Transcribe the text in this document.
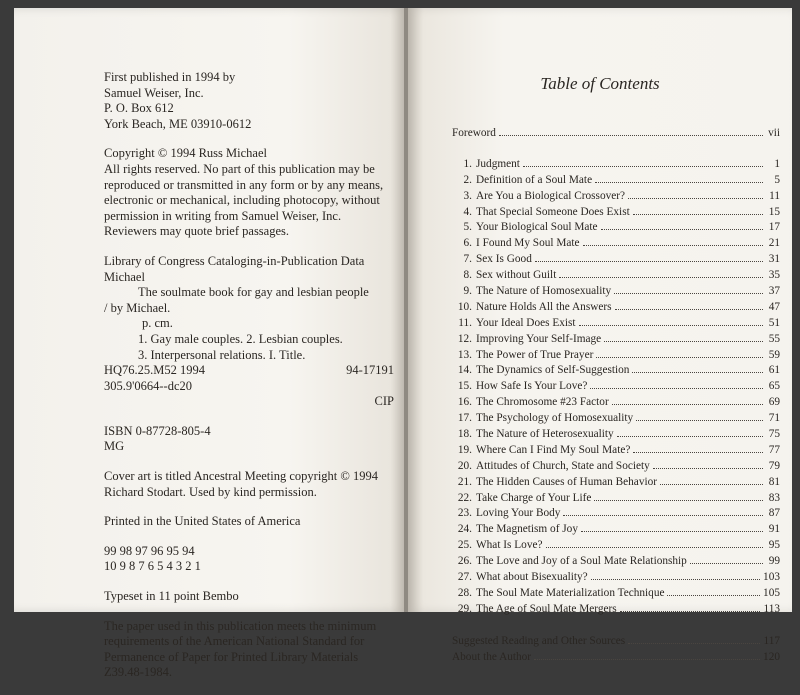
First published in 1994 by
Samuel Weiser, Inc.
P. O. Box 612
York Beach, ME 03910-0612
Copyright © 1994 Russ Michael
All rights reserved. No part of this publication may be
reproduced or transmitted in any form or by any means,
electronic or mechanical, including photocopy, without
permission in writing from Samuel Weiser, Inc.
Reviewers may quote brief passages.
Library of Congress Cataloging-in-Publication Data
Michael
The soulmate book for gay and lesbian people
/ by Michael.
p. cm.
1. Gay male couples. 2. Lesbian couples.
3. Interpersonal relations. I. Title.
HQ76.25.M52 1994	94-17191
305.9'0664--dc20
CIP
ISBN 0-87728-805-4
MG
Cover art is titled Ancestral Meeting copyright © 1994
Richard Stodart. Used by kind permission.
Printed in the United States of America
99 98 97 96 95 94
10 9 8 7 6 5 4 3 2 1
Typeset in 11 point Bembo
The paper used in this publication meets the minimum
requirements of the American National Standard for
Permanence of Paper for Printed Library Materials
Z39.48-1984.
Table of Contents
Foreword	vii
1. Judgment	1
2. Definition of a Soul Mate	5
3. Are You a Biological Crossover?	11
4. That Special Someone Does Exist	15
5. Your Biological Soul Mate	17
6. I Found My Soul Mate	21
7. Sex Is Good	31
8. Sex without Guilt	35
9. The Nature of Homosexuality	37
10. Nature Holds All the Answers	47
11. Your Ideal Does Exist	51
12. Improving Your Self-Image	55
13. The Power of True Prayer	59
14. The Dynamics of Self-Suggestion	61
15. How Safe Is Your Love?	65
16. The Chromosome #23 Factor	69
17. The Psychology of Homosexuality	71
18. The Nature of Heterosexuality	75
19. Where Can I Find My Soul Mate?	77
20. Attitudes of Church, State and Society	79
21. The Hidden Causes of Human Behavior	81
22. Take Charge of Your Life	83
23. Loving Your Body	87
24. The Magnetism of Joy	91
25. What Is Love?	95
26. The Love and Joy of a Soul Mate Relationship	99
27. What about Bisexuality?	103
28. The Soul Mate Materialization Technique	105
29. The Age of Soul Mate Mergers	113
Suggested Reading and Other Sources	117
About the Author	120
